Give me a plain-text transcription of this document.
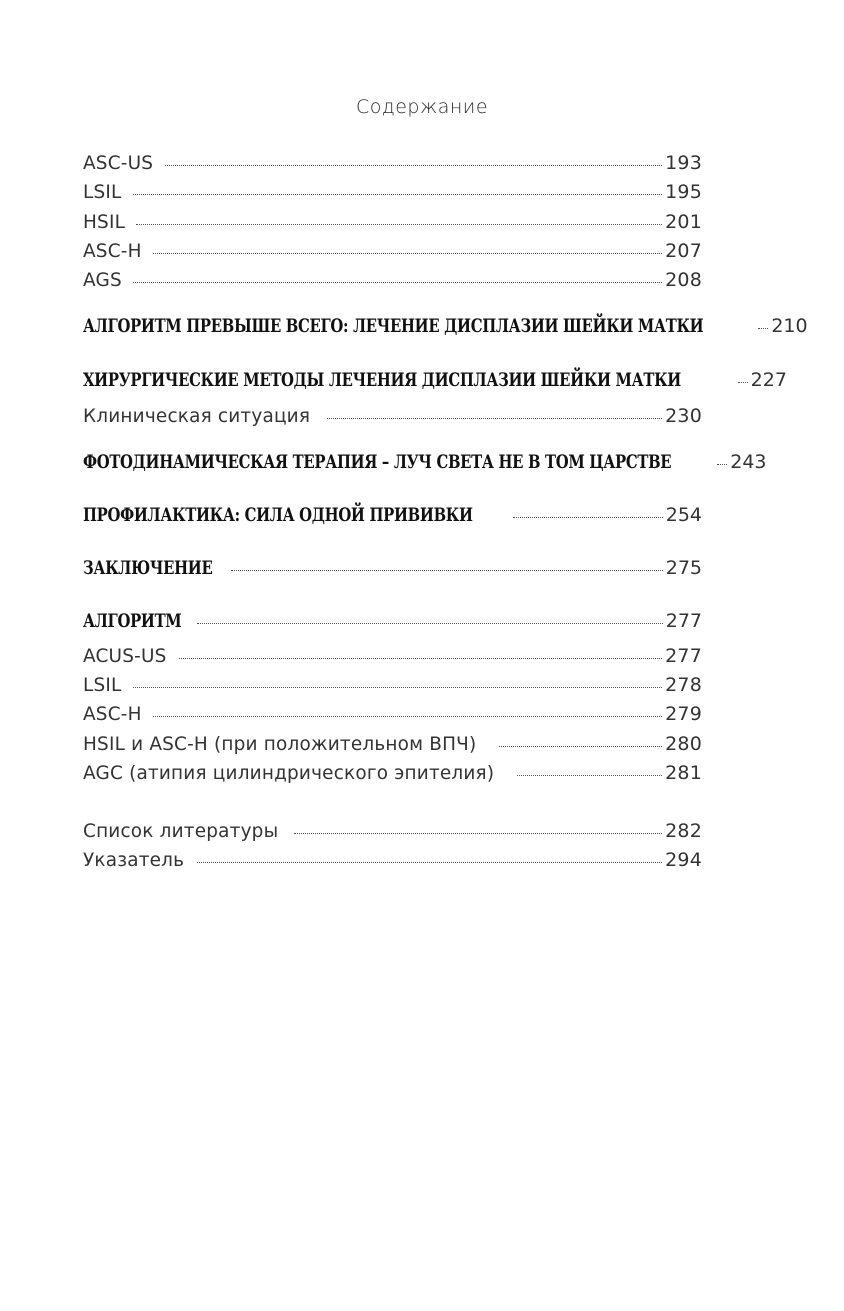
Содержание
ASC-US	193
LSIL	195
HSIL	201
ASC-H	207
AGS	208
АЛГОРИТМ ПРЕВЫШЕ ВСЕГО: ЛЕЧЕНИЕ ДИСПЛАЗИИ ШЕЙКИ МАТКИ	210
ХИРУРГИЧЕСКИЕ МЕТОДЫ ЛЕЧЕНИЯ ДИСПЛАЗИИ ШЕЙКИ МАТКИ	227
Клиническая ситуация	230
ФОТОДИНАМИЧЕСКАЯ ТЕРАПИЯ – ЛУЧ СВЕТА НЕ В ТОМ ЦАРСТВЕ	243
ПРОФИЛАКТИКА: СИЛА ОДНОЙ ПРИВИВКИ	254
ЗАКЛЮЧЕНИЕ	275
АЛГОРИТМ	277
ACUS-US	277
LSIL	278
ASC-H	279
HSIL и ASC-H (при положительном ВПЧ)	280
AGC (атипия цилиндрического эпителия)	281
Список литературы	282
Указатель	294
